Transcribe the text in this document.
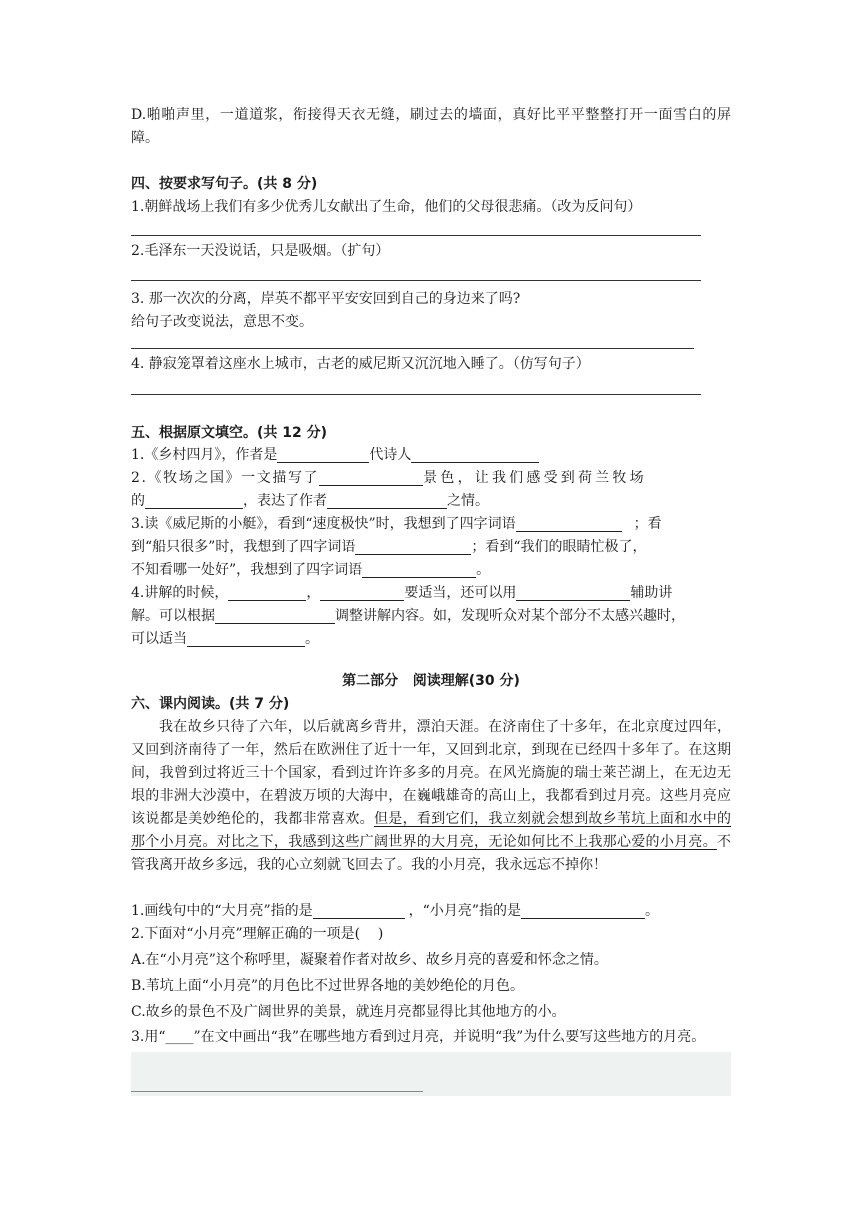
D.啪啪声里，一道道浆，衔接得天衣无缝，刷过去的墙面，真好比平平整整打开一面雪白的屏障。

四、按要求写句子。(共 8 分)

1.朝鲜战场上我们有多少优秀儿女献出了生命，他们的父母很悲痛。（改为反问句）

2.毛泽东一天没说话，只是吸烟。（扩句）

3. 那一次次的分离，岸英不都平平安安回到自己的身边来了吗?

给句子改变说法，意思不变。

4. 静寂笼罩着这座水上城市，古老的威尼斯又沉沉地入睡了。（仿写句子）

五、根据原文填空。(共 12 分)

1.《乡村四月》，作者是	代诗人

2.《牧场之国》一文描写了	景色，让我们感受到荷兰牧场

的	，表达了作者	之情。

3.读《威尼斯的小艇》，看到“速度极快”时，我想到了四字词语	；看

到“船只很多”时，我想到了四字词语	；看到“我们的眼睛忙极了，

不知看哪一处好”，我想到了四字词语	。

4.讲解的时候，	，	要适当，还可以用	辅助讲

解。可以根据	调整讲解内容。如，发现听众对某个部分不太感兴趣时，

可以适当	。

第二部分   阅读理解(30 分)

六、课内阅读。(共 7 分)

我在故乡只待了六年，以后就离乡背井，漂泊天涯。在济南住了十多年，在北京度过四年，又回到济南待了一年，然后在欧洲住了近十一年，又回到北京，到现在已经四十多年了。在这期间，我曾到过将近三十个国家，看到过许许多多的月亮。在风光旖旎的瑞士莱芒湖上，在无边无垠的非洲大沙漠中，在碧波万顷的大海中，在巍峨雄奇的高山上，我都看到过月亮。这些月亮应该说都是美妙绝伦的，我都非常喜欢。但是，看到它们，我立刻就会想到故乡苇坑上面和水中的那个小月亮。对比之下，我感到这些广阔世界的大月亮，无论如何比不上我那心爱的小月亮。不管我离开故乡多远，我的心立刻就飞回去了。我的小月亮，我永远忘不掉你！

1.画线句中的“大月亮”指的是	，“小月亮”指的是	。

2.下面对“小月亮”理解正确的一项是(    )

A.在“小月亮”这个称呼里，凝聚着作者对故乡、故乡月亮的喜爱和怀念之情。

B.苇坑上面“小月亮”的月色比不过世界各地的美妙绝伦的月色。

C.故乡的景色不及广阔世界的美景，就连月亮都显得比其他地方的小。

3.用“____”在文中画出“我”在哪些地方看到过月亮，并说明“我”为什么要写这些地方的月亮。
